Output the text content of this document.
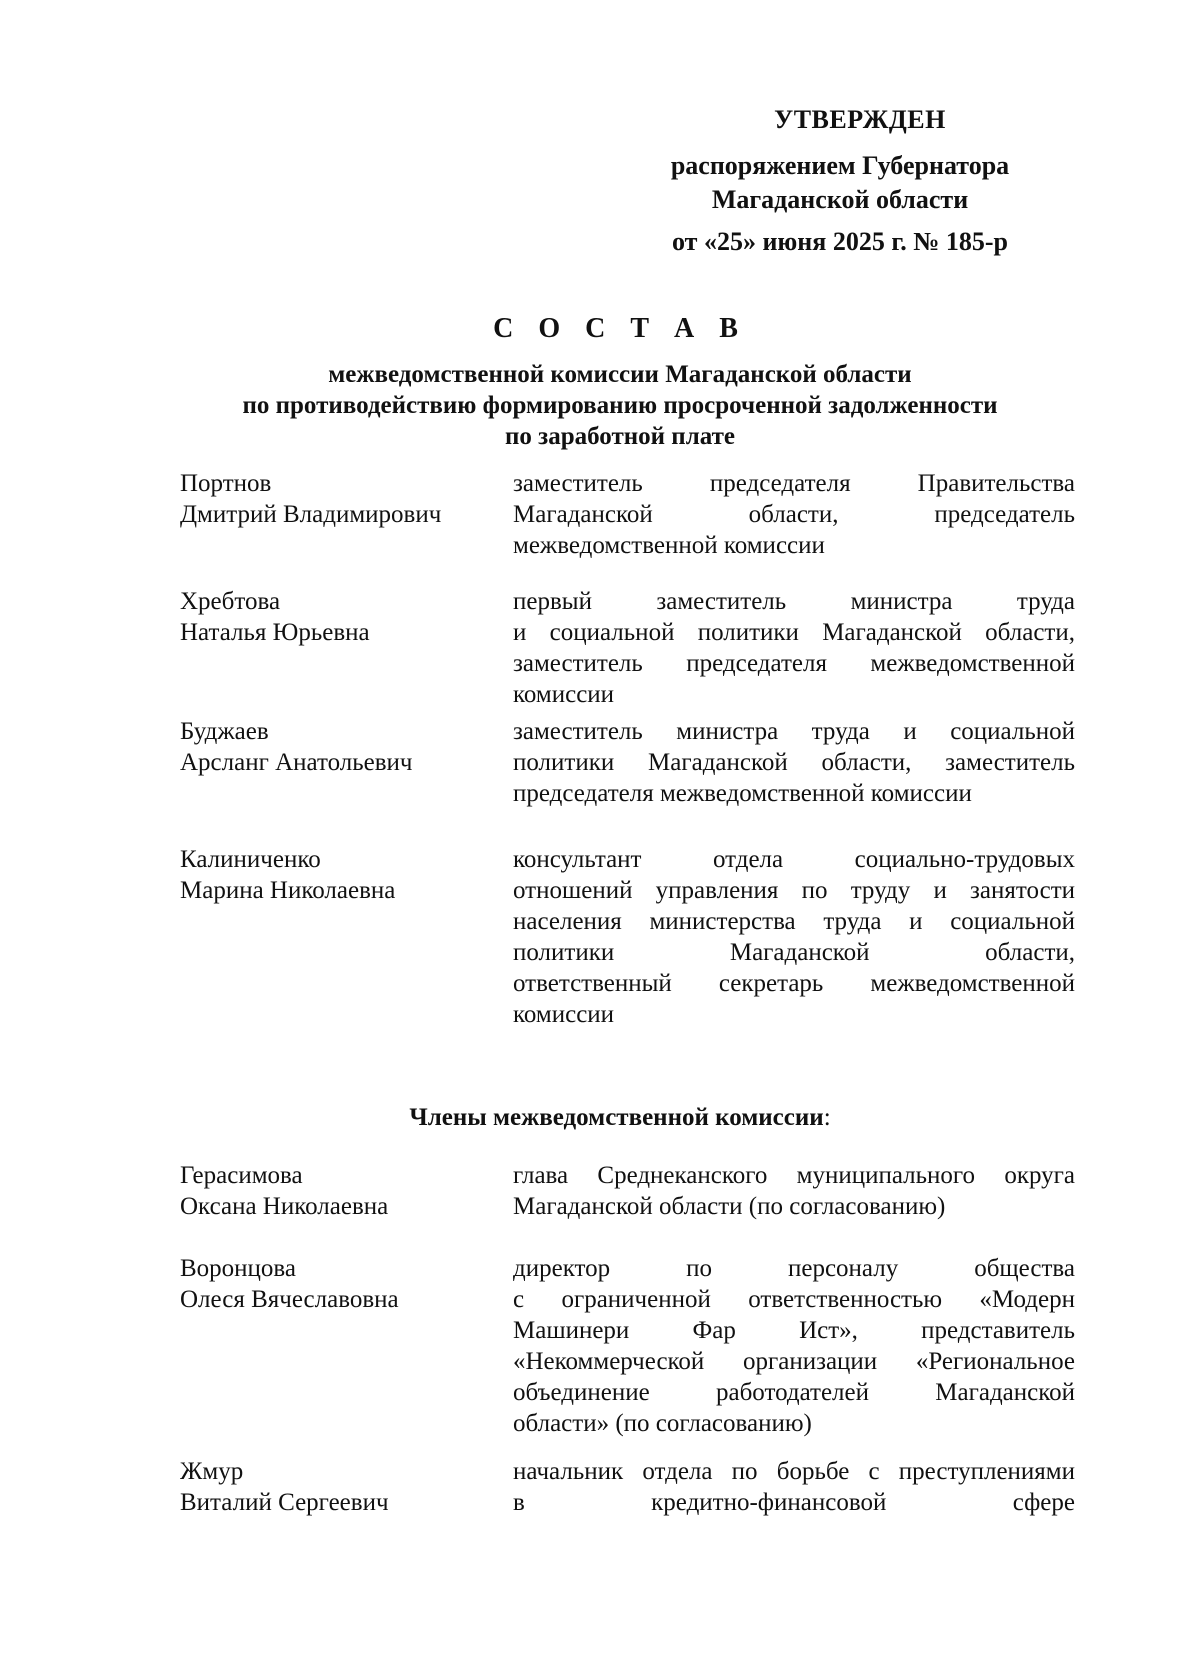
УТВЕРЖДЕН
распоряжением Губернатора
Магаданской области
от «25» июня 2025 г. № 185-р
С О С Т А В
межведомственной комиссии Магаданской области
по противодействию формированию просроченной задолженности
по заработной плате
Портнов
Дмитрий Владимирович
заместитель председателя Правительства
Магаданской области, председатель
межведомственной комиссии
Хребтова
Наталья Юрьевна
первый заместитель министра труда
и социальной политики Магаданской области,
заместитель председателя межведомственной
комиссии
Буджаев
Арсланг Анатольевич
заместитель министра труда и социальной
политики Магаданской области, заместитель
председателя межведомственной комиссии
Калиниченко
Марина Николаевна
консультант отдела социально-трудовых
отношений управления по труду и занятости
населения министерства труда и социальной
политики Магаданской области,
ответственный секретарь межведомственной
комиссии
Члены межведомственной комиссии:
Герасимова
Оксана Николаевна
глава Среднеканского муниципального округа
Магаданской области (по согласованию)
Воронцова
Олеся Вячеславовна
директор по персоналу общества
с ограниченной ответственностью «Модерн
Машинери Фар Ист», представитель
«Некоммерческой организации «Региональное
объединение работодателей Магаданской
области» (по согласованию)
Жмур
Виталий Сергеевич
начальник отдела по борьбе с преступлениями
в кредитно-финансовой сфере
